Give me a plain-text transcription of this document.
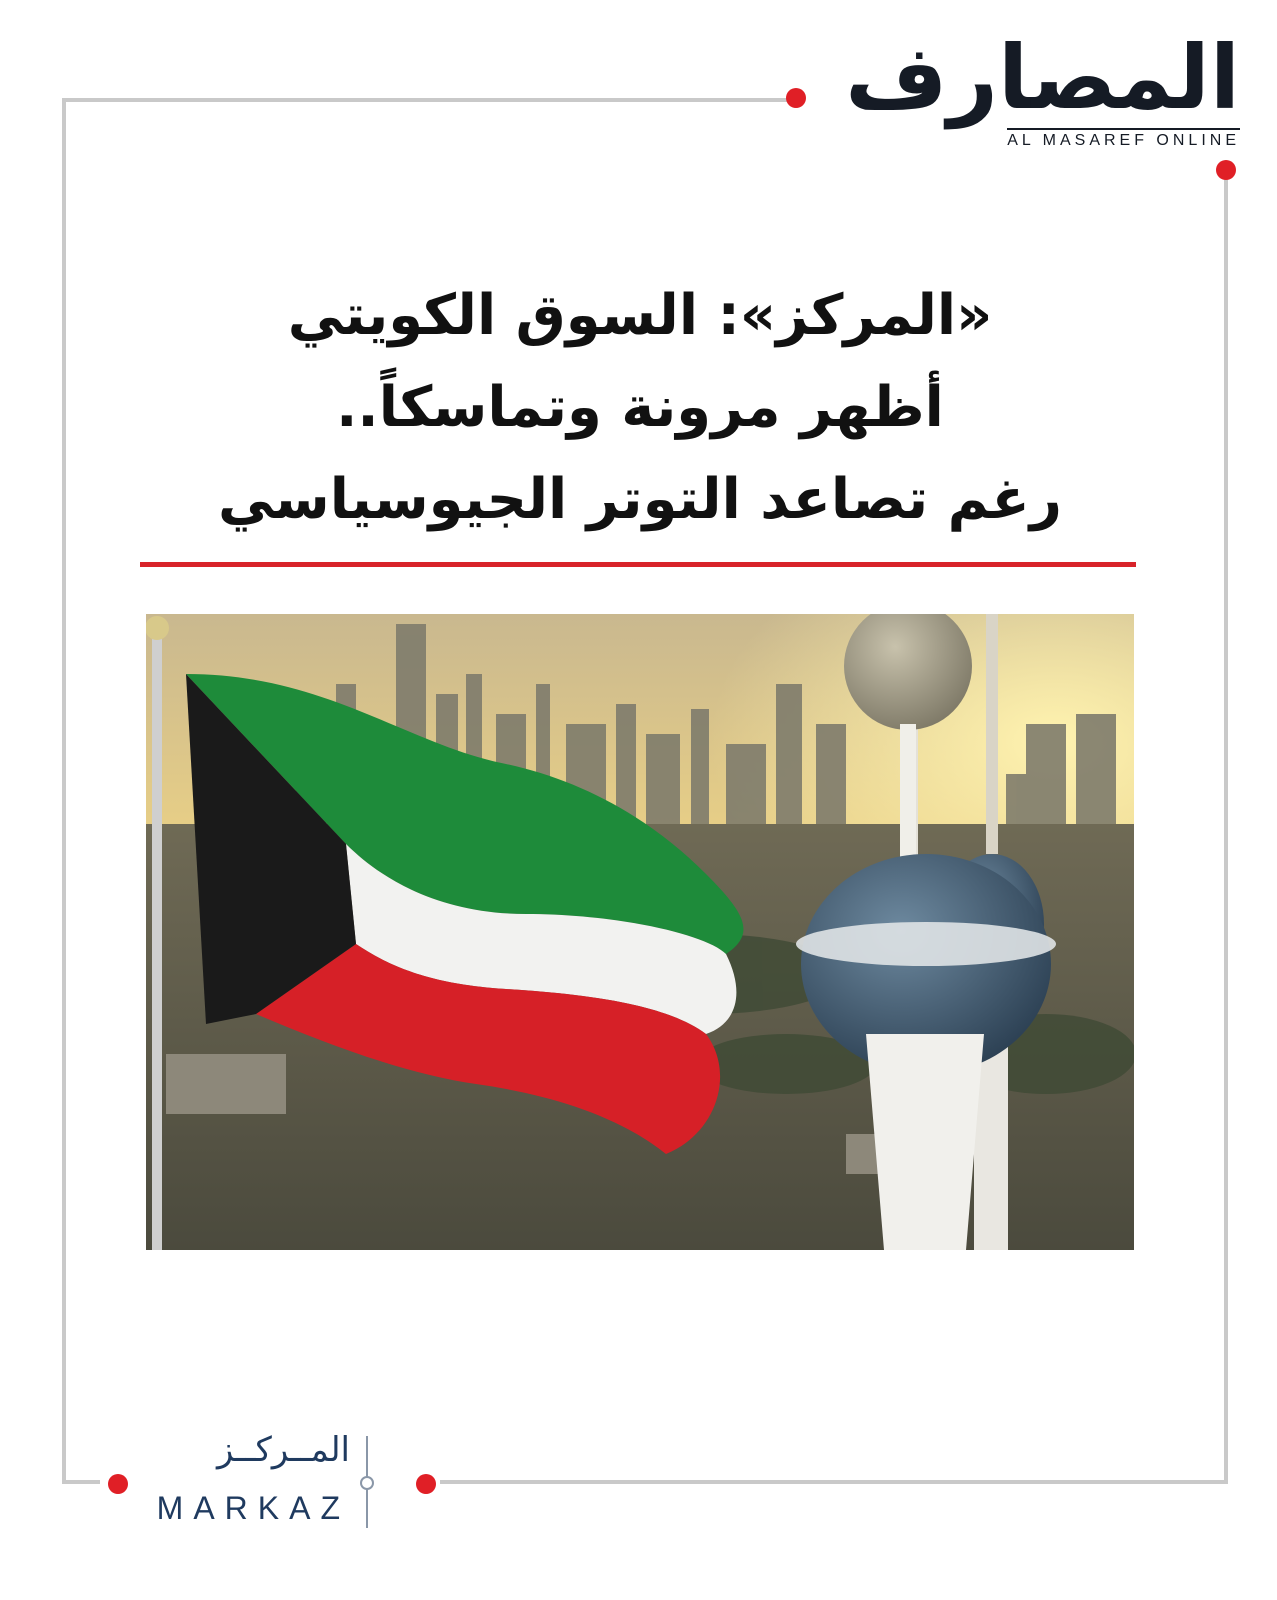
المصارف
AL MASAREF ONLINE
«المركز»: السوق الكويتي
أظهر مرونة وتماسكاً..
رغم تصاعد التوتر الجيوسياسي
المــركــز
MARKAZ
